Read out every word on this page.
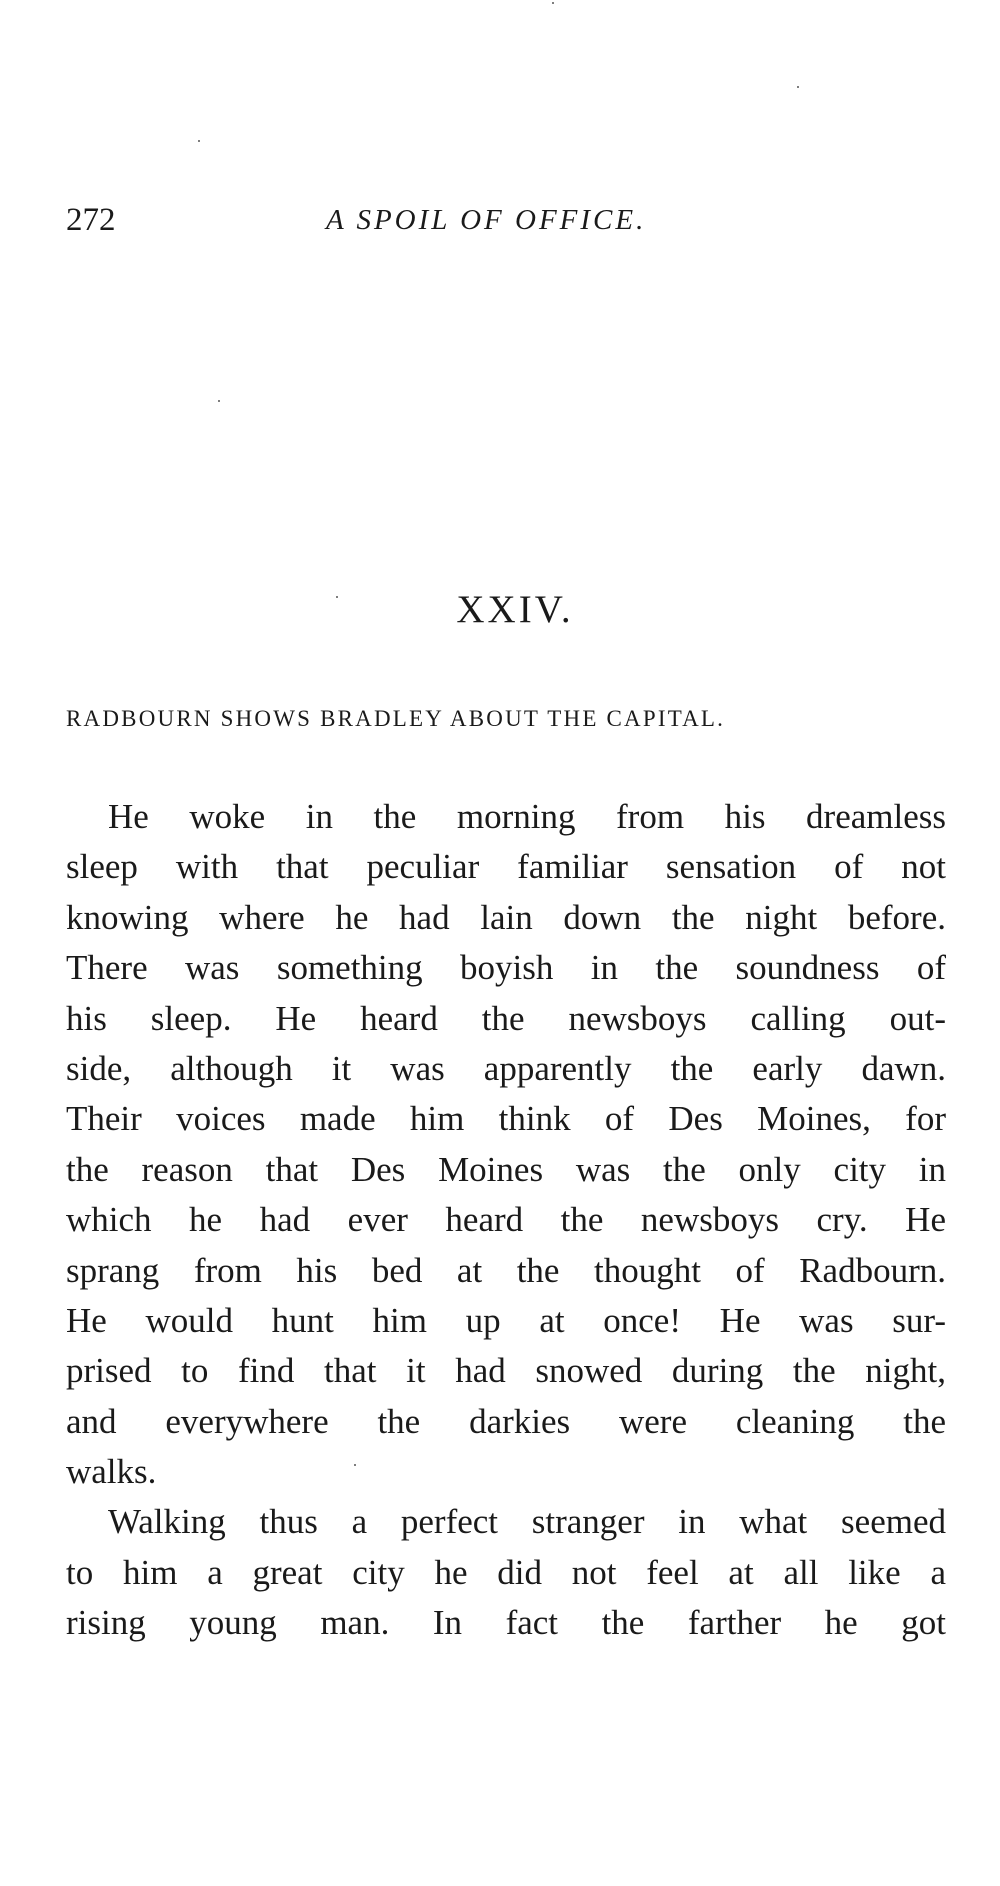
272	A SPOIL OF OFFICE.
XXIV.
RADBOURN SHOWS BRADLEY ABOUT THE CAPITAL.
He woke in the morning from his dreamless
sleep with that peculiar familiar sensation of not
knowing where he had lain down the night before.
There was something boyish in the soundness of
his sleep. He heard the newsboys calling out-
side, although it was apparently the early dawn.
Their voices made him think of Des Moines, for
the reason that Des Moines was the only city in
which he had ever heard the newsboys cry. He
sprang from his bed at the thought of Radbourn.
He would hunt him up at once! He was sur-
prised to find that it had snowed during the night,
and everywhere the darkies were cleaning the
walks.
Walking thus a perfect stranger in what seemed
to him a great city he did not feel at all like a
rising young man. In fact the farther he got
